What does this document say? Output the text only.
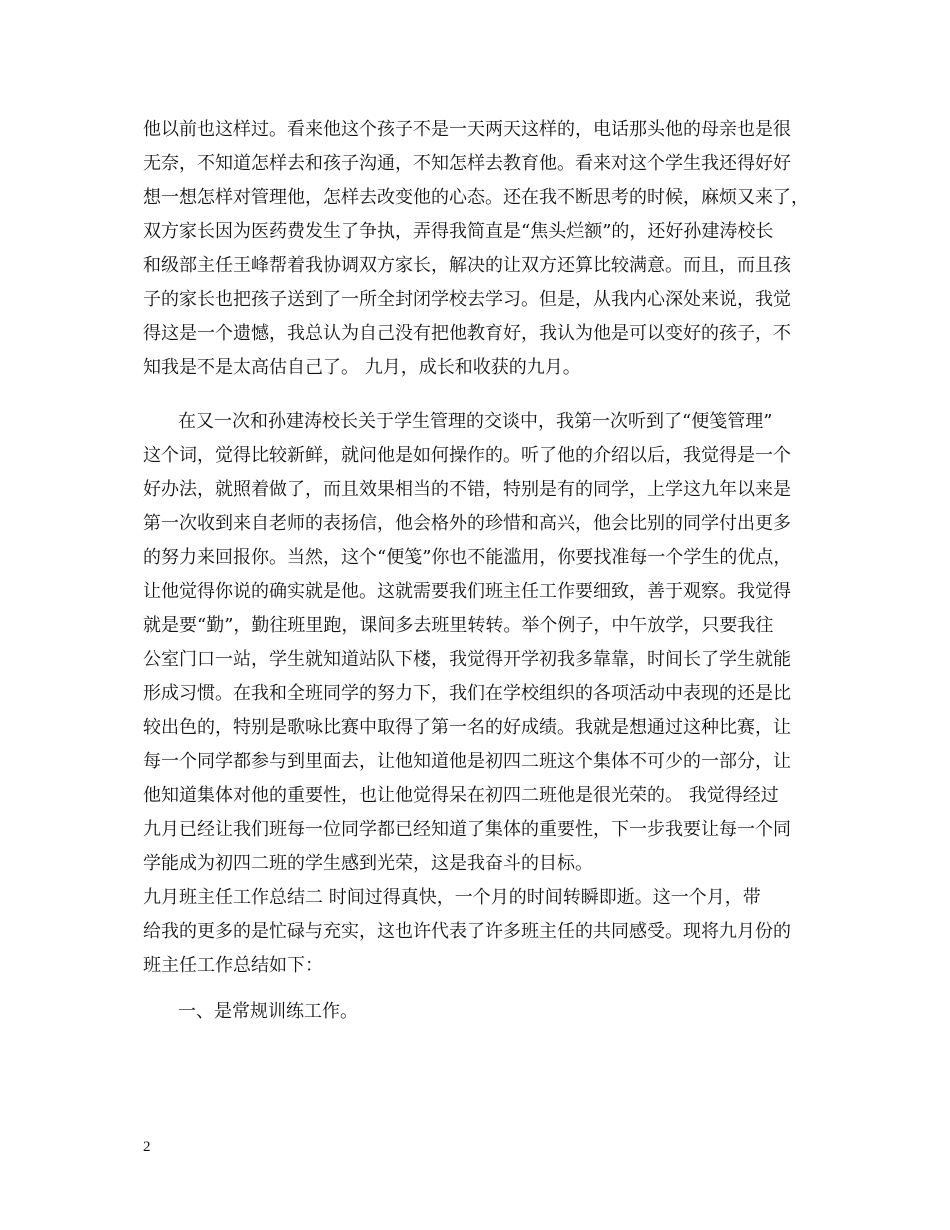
他以前也这样过。看来他这个孩子不是一天两天这样的，电话那头他的母亲也是很
无奈，不知道怎样去和孩子沟通，不知怎样去教育他。看来对这个学生我还得好好
想一想怎样对管理他，怎样去改变他的心态。还在我不断思考的时候，麻烦又来了，
双方家长因为医药费发生了争执，弄得我简直是“焦头烂额”的，还好孙建涛校长
和级部主任王峰帮着我协调双方家长，解决的让双方还算比较满意。而且，而且孩
子的家长也把孩子送到了一所全封闭学校去学习。但是，从我内心深处来说，我觉
得这是一个遗憾，我总认为自己没有把他教育好，我认为他是可以变好的孩子，不
知我是不是太高估自己了。 九月，成长和收获的九月。
在又一次和孙建涛校长关于学生管理的交谈中，我第一次听到了“便笺管理”
这个词，觉得比较新鲜，就问他是如何操作的。听了他的介绍以后，我觉得是一个
好办法，就照着做了，而且效果相当的不错，特别是有的同学，上学这九年以来是
第一次收到来自老师的表扬信，他会格外的珍惜和高兴，他会比别的同学付出更多
的努力来回报你。当然，这个“便笺”你也不能滥用，你要找准每一个学生的优点，
让他觉得你说的确实就是他。这就需要我们班主任工作要细致，善于观察。我觉得
就是要“勤”，勤往班里跑，课间多去班里转转。举个例子，中午放学，只要我往
公室门口一站，学生就知道站队下楼，我觉得开学初我多靠靠，时间长了学生就能
形成习惯。在我和全班同学的努力下，我们在学校组织的各项活动中表现的还是比
较出色的，特别是歌咏比赛中取得了第一名的好成绩。我就是想通过这种比赛，让
每一个同学都参与到里面去，让他知道他是初四二班这个集体不可少的一部分，让
他知道集体对他的重要性，也让他觉得呆在初四二班他是很光荣的。 我觉得经过
九月已经让我们班每一位同学都已经知道了集体的重要性，下一步我要让每一个同
学能成为初四二班的学生感到光荣，这是我奋斗的目标。
九月班主任工作总结二 时间过得真快，一个月的时间转瞬即逝。这一个月，带
给我的更多的是忙碌与充实，这也许代表了许多班主任的共同感受。现将九月份的
班主任工作总结如下：
一、是常规训练工作。
2
